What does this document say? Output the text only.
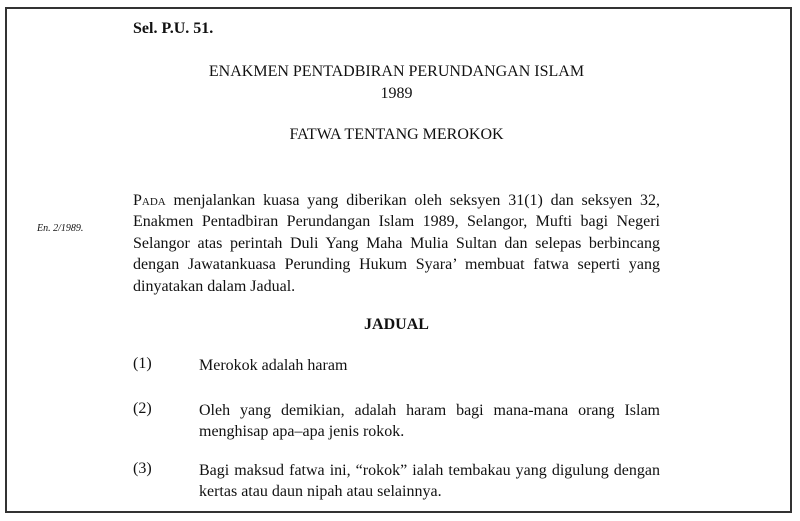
Sel. P.U. 51.
ENAKMEN PENTADBIRAN PERUNDANGAN ISLAM
1989
FATWA TENTANG MEROKOK
En. 2/1989.
Pada menjalankan kuasa yang diberikan oleh seksyen 31(1) dan seksyen 32, Enakmen Pentadbiran Perundangan Islam 1989, Selangor, Mufti bagi Negeri Selangor atas perintah Duli Yang Maha Mulia Sultan dan selepas berbincang dengan Jawatankuasa Perunding Hukum Syara’ membuat fatwa seperti yang dinyatakan dalam Jadual.
JADUAL
(1)	Merokok adalah haram
(2)	Oleh yang demikian, adalah haram bagi mana-mana orang Islam menghisap apa–apa jenis rokok.
(3)	Bagi maksud fatwa ini, “rokok” ialah tembakau yang digulung dengan kertas atau daun nipah atau selainnya.
